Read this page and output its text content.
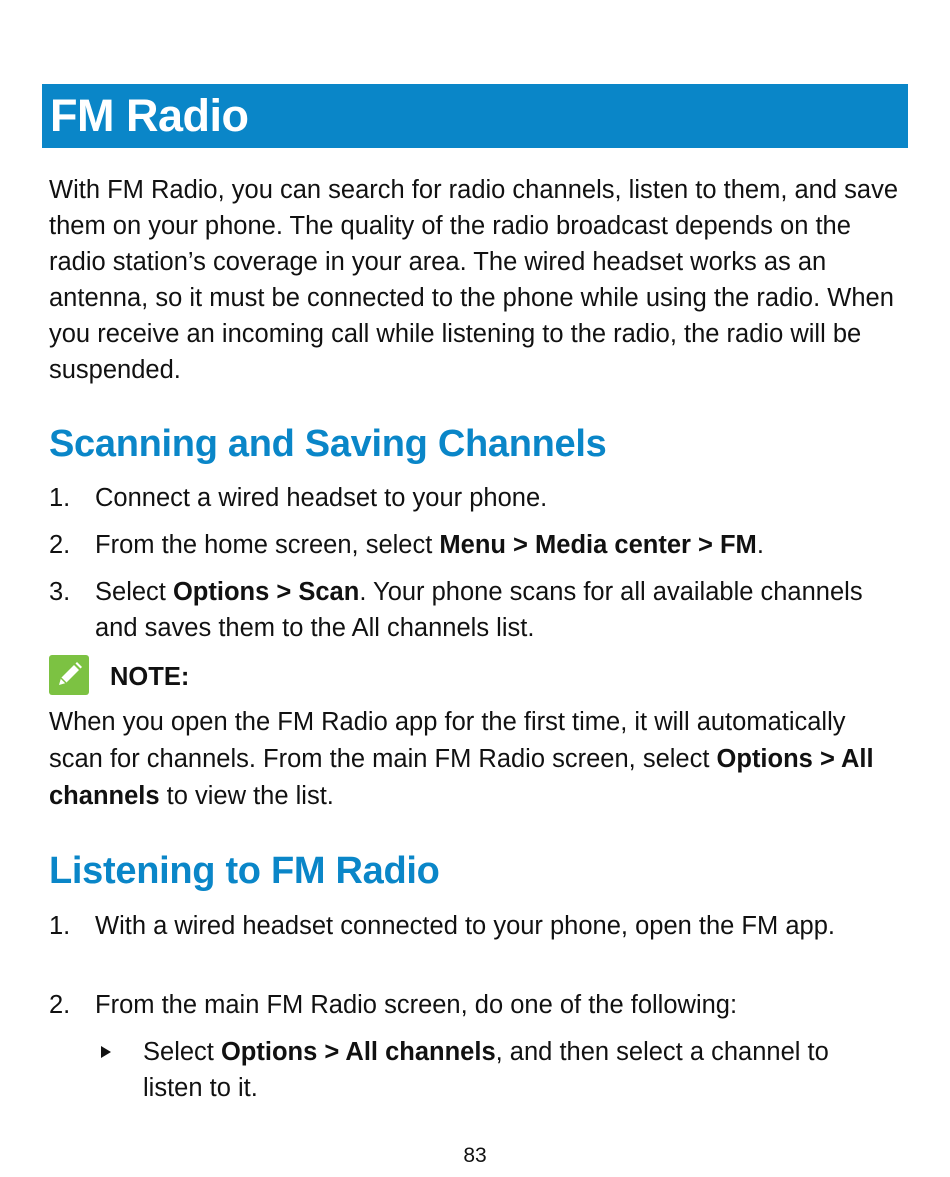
FM Radio

With FM Radio, you can search for radio channels, listen to them, and save them on your phone. The quality of the radio broadcast depends on the radio station’s coverage in your area. The wired headset works as an antenna, so it must be connected to the phone while using the radio. When you receive an incoming call while listening to the radio, the radio will be suspended.

Scanning and Saving Channels
1. Connect a wired headset to your phone.
2. From the home screen, select Menu > Media center > FM.
3. Select Options > Scan. Your phone scans for all available channels and saves them to the All channels list.
NOTE:

When you open the FM Radio app for the first time, it will automatically scan for channels. From the main FM Radio screen, select Options > All channels to view the list.

Listening to FM Radio
1. With a wired headset connected to your phone, open the FM app.
2. From the main FM Radio screen, do one of the following:
Select Options > All channels, and then select a channel to listen to it.
83
